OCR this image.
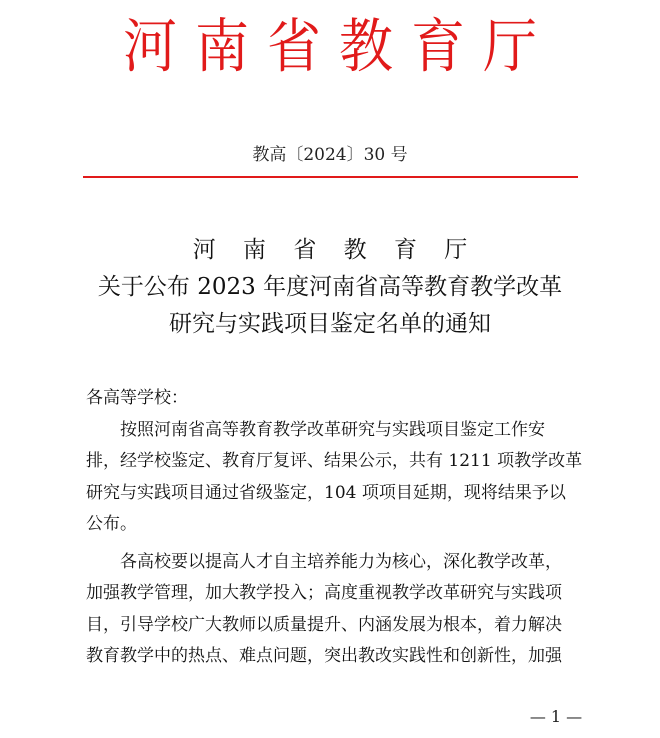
河南省教育厅
教高〔2024〕30 号
河 南 省 教 育 厅
关于公布 2023 年度河南省高等教育教学改革
研究与实践项目鉴定名单的通知
各高等学校：
按照河南省高等教育教学改革研究与实践项目鉴定工作安
排，经学校鉴定、教育厅复评、结果公示，共有 1211 项教学改革
研究与实践项目通过省级鉴定，104 项项目延期，现将结果予以
公布。
各高校要以提高人才自主培养能力为核心，深化教学改革，
加强教学管理，加大教学投入；高度重视教学改革研究与实践项
目，引导学校广大教师以质量提升、内涵发展为根本，着力解决
教育教学中的热点、难点问题，突出教改实践性和创新性，加强
— 1 —
